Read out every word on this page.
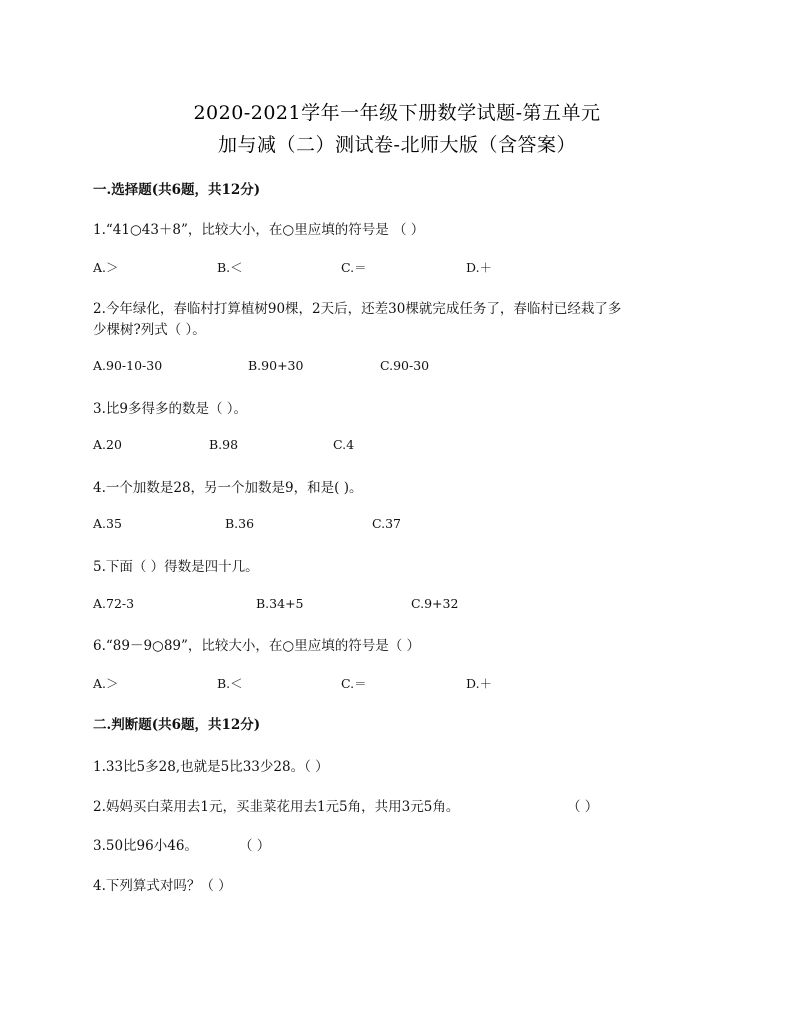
2020-2021学年一年级下册数学试题-第五单元
加与减（二）测试卷-北师大版（含答案）
一.选择题(共6题，共12分)
1.“41○43＋8”，比较大小，在○里应填的符号是 （ ）
A.＞	B.＜	C.＝	D.＋
2.今年绿化，春临村打算植树90棵，2天后，还差30棵就完成任务了，春临村已经栽了多
少棵树?列式（ ）。
A.90-10-30	B.90+30	C.90-30
3.比9多得多的数是（ ）。
A.20	B.98	C.4
4.一个加数是28，另一个加数是9，和是( )。
A.35	B.36	C.37
5.下面（ ）得数是四十几。
A.72-3	B.34+5	C.9+32
6.“89－9○89”，比较大小，在○里应填的符号是（ ）
A.＞	B.＜	C.＝	D.＋
二.判断题(共6题，共12分)
1.33比5多28,也就是5比33少28。（ ）
2.妈妈买白菜用去1元，买韭菜花用去1元5角，共用3元5角。	（ ）
3.50比96小46。	（ ）
4.下列算式对吗？（ ）
